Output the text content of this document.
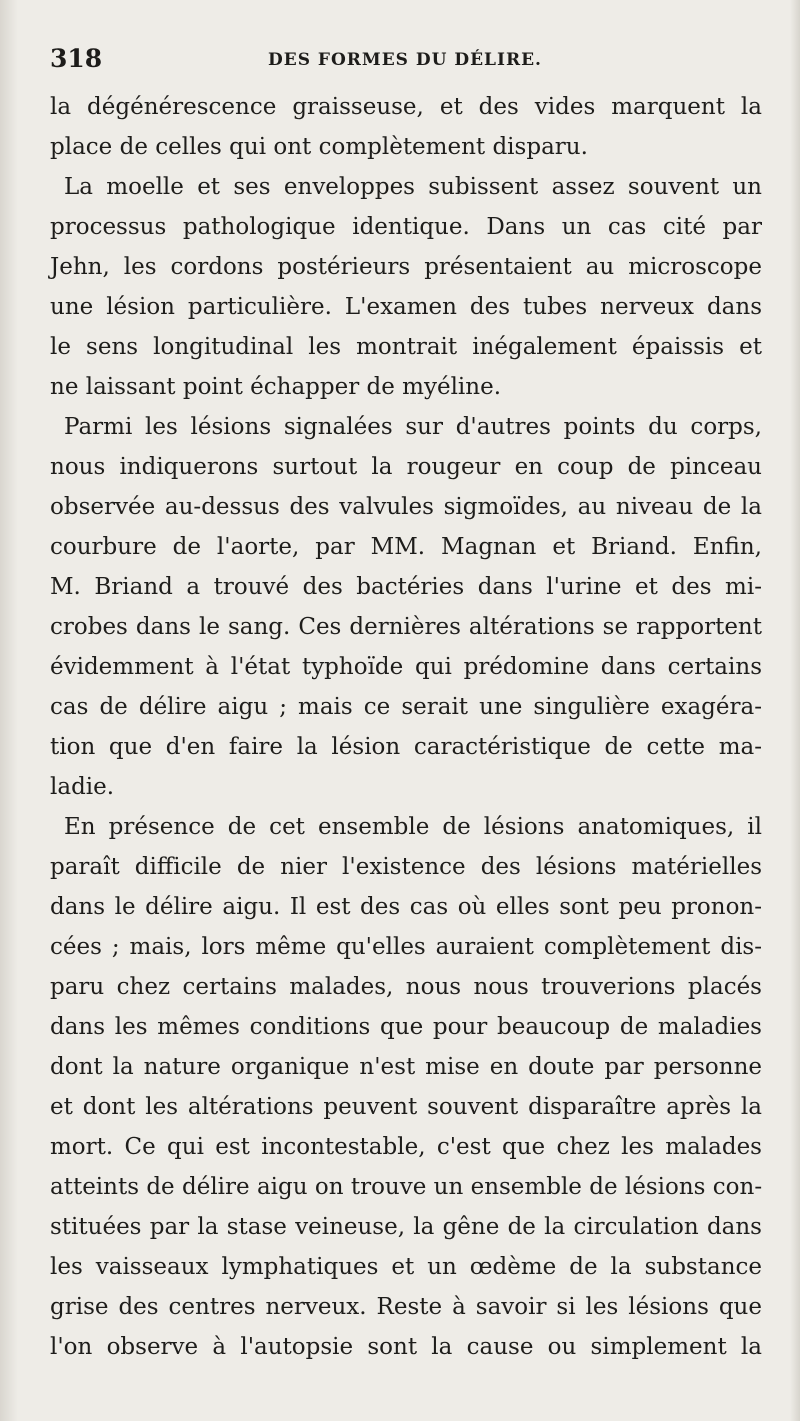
318	DES FORMES DU DÉLIRE.
la dégénérescence graisseuse, et des vides marquent la
place de celles qui ont complètement disparu.
La moelle et ses enveloppes subissent assez souvent un
processus pathologique identique. Dans un cas cité par
Jehn, les cordons postérieurs présentaient au microscope
une lésion particulière. L'examen des tubes nerveux dans
le sens longitudinal les montrait inégalement épaissis et
ne laissant point échapper de myéline.
Parmi les lésions signalées sur d'autres points du corps,
nous indiquerons surtout la rougeur en coup de pinceau
observée au-dessus des valvules sigmoïdes, au niveau de la
courbure de l'aorte, par MM. Magnan et Briand. Enfin,
M. Briand a trouvé des bactéries dans l'urine et des mi-
crobes dans le sang. Ces dernières altérations se rapportent
évidemment à l'état typhoïde qui prédomine dans certains
cas de délire aigu ; mais ce serait une singulière exagéra-
tion que d'en faire la lésion caractéristique de cette ma-
ladie.
En présence de cet ensemble de lésions anatomiques, il
paraît difficile de nier l'existence des lésions matérielles
dans le délire aigu. Il est des cas où elles sont peu pronon-
cées ; mais, lors même qu'elles auraient complètement dis-
paru chez certains malades, nous nous trouverions placés
dans les mêmes conditions que pour beaucoup de maladies
dont la nature organique n'est mise en doute par personne
et dont les altérations peuvent souvent disparaître après la
mort. Ce qui est incontestable, c'est que chez les malades
atteints de délire aigu on trouve un ensemble de lésions con-
stituées par la stase veineuse, la gêne de la circulation dans
les vaisseaux lymphatiques et un œdème de la substance
grise des centres nerveux. Reste à savoir si les lésions que
l'on observe à l'autopsie sont la cause ou simplement la
